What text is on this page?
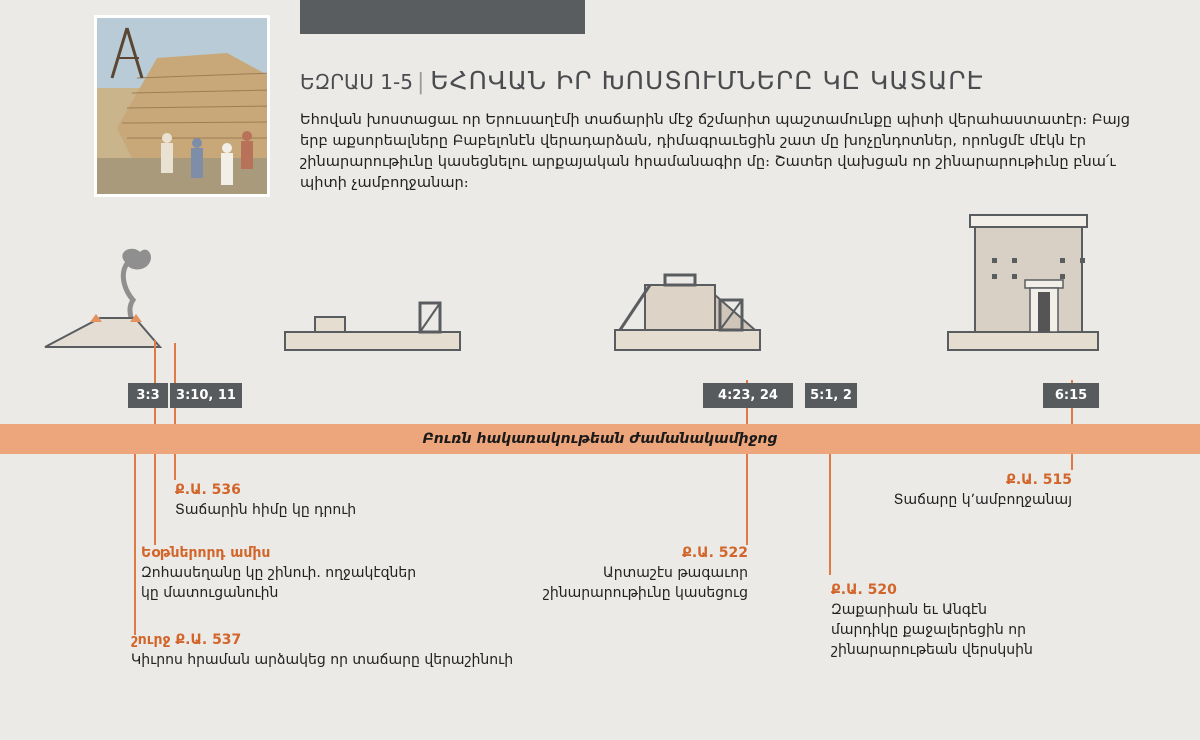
ԵԶՐԱՍ 1-5 | ԵՀՈՎԱՆ ԻՐ ԽՈՍՏՈՒՄՆԵՐԸ ԿԸ ԿԱՏԱՐԷ

Եհովան խոստացաւ որ Երուսաղէմի տաճարին մէջ ճշմարիտ պաշտամունքը պիտի վերահաստատէր։ Բայց երբ աքսորեալները Բաբելոնէն վերադարձան, դիմագրաւեցին շատ մը խոչընդոտներ, որոնցմէ մէկն էր շինարարութիւնը կասեցնելու արքայական հրամանագիր մը։ Շատեր վախցան որ շինարարութիւնը բնա՛ւ պիտի չամբողջանար։

Բուռն հակառակութեան ժամանակամիջոց
3:3	3:10, 11	4:23, 24	5:1, 2	6:15
Ք.Ա. 536
Տաճարին հիմը կը դրուի
Եօթներորդ ամիս
Զոհասեղանը կը շինուի. ողջակէզներ
կը մատուցանուին
շուրջ Ք.Ա. 537
Կիւրոս հրաման արձակեց որ տաճարը վերաշինուի
Ք.Ա. 522
Արտաշէս թագաւոր
շինարարութիւնը կասեցուց	Ք.Ա. 520
Զաքարիան եւ Անգէն
մարդիկը քաջալերեցին որ
շինարարութեան վերսկսին
Ք.Ա. 515
Տաճարը կ՚ամբողջանայ
